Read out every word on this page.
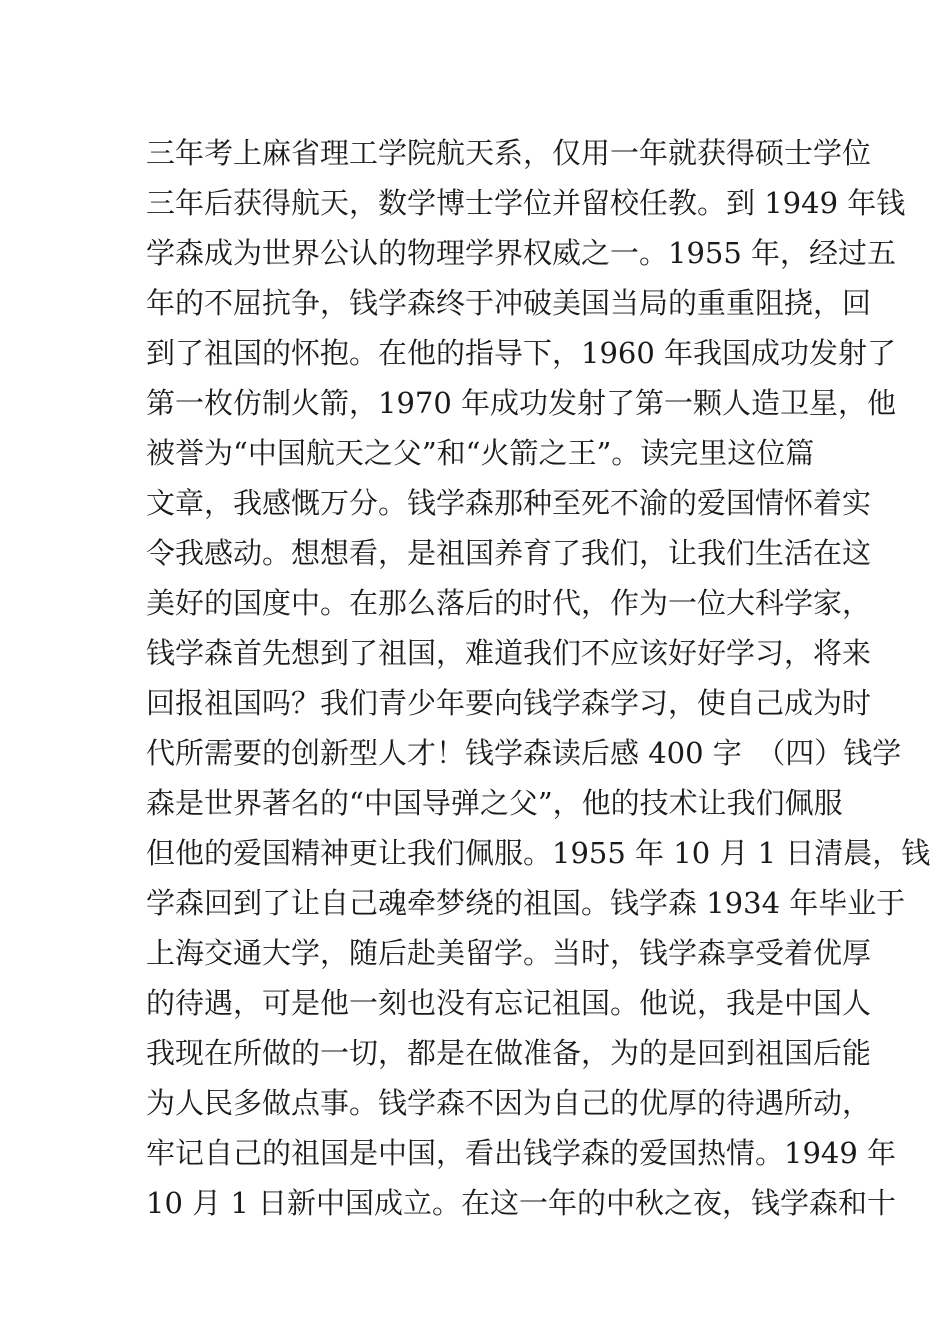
三年考上麻省理工学院航天系，仅用一年就获得硕士学位
三年后获得航天，数学博士学位并留校任教。到 1949 年钱
学森成为世界公认的物理学界权威之一。1955 年，经过五
年的不屈抗争，钱学森终于冲破美国当局的重重阻挠，回
到了祖国的怀抱。在他的指导下，1960 年我国成功发射了
第一枚仿制火箭，1970 年成功发射了第一颗人造卫星，他
被誉为“中国航天之父”和“火箭之王”。读完里这位篇
文章，我感慨万分。钱学森那种至死不渝的爱国情怀着实
令我感动。想想看，是祖国养育了我们，让我们生活在这
美好的国度中。在那么落后的时代，作为一位大科学家，
钱学森首先想到了祖国，难道我们不应该好好学习，将来
回报祖国吗？我们青少年要向钱学森学习，使自己成为时
代所需要的创新型人才！钱学森读后感 400 字　（四）钱学
森是世界著名的“中国导弹之父”，他的技术让我们佩服
但他的爱国精神更让我们佩服。1955 年 10 月 1 日清晨，钱
学森回到了让自己魂牵梦绕的祖国。钱学森 1934 年毕业于
上海交通大学，随后赴美留学。当时，钱学森享受着优厚
的待遇，可是他一刻也没有忘记祖国。他说，我是中国人
我现在所做的一切，都是在做准备，为的是回到祖国后能
为人民多做点事。钱学森不因为自己的优厚的待遇所动，
牢记自己的祖国是中国，看出钱学森的爱国热情。1949 年
10 月 1 日新中国成立。在这一年的中秋之夜，钱学森和十
